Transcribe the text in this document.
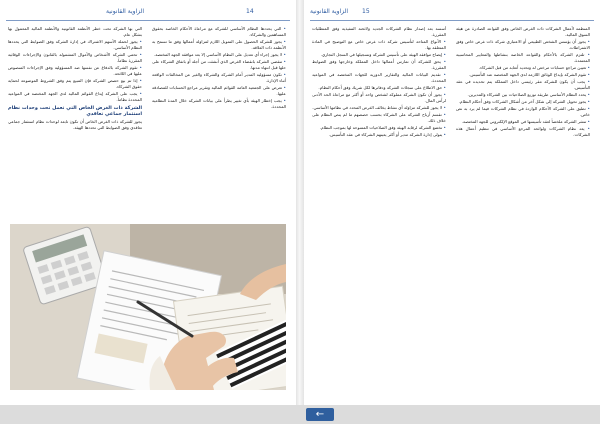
الزاوية القانونية	14

التي بها الشركة تحت خطر الأنظمة القانونية والأنظمة المالية المعمول بها بشكل عام.

• يجوز لحملة الأسهم الاشتراك في إدارة الشركة وفق الضوابط التي يحددها النظام الأساسي.

• تحمي الشركة الأشخاص والأموال المشمولة بالقانون والإجراءات الوقائية المقررة نظاماً.

• تقوم الشركة بالدفاع عن نفسها ضد المسؤولية وفق الإجراءات المنصوص عليها في اللائحة.

• إذا تم بيع حصص الشركة فإن المبيع يتم وفق الشروط الموضوعة لحماية حقوق الشركاء.

• يجب على الشركة إيداع القوائم المالية لدى الجهة المختصة في المواعيد المحددة نظاماً.

الشركة ذات الغرض الخاص التي تعمل تحت وحدات نظام استثمار جماعي تعاقدي

يجوز للشركة ذات الغرض الخاص أن تكون تابعة لوحدات نظام استثمار جماعي تعاقدي وفق الضوابط التي تحددها الهيئة.

• التي يحددها النظام الأساسي للشركة مع مراعاة الأحكام الخاصة بحقوق المساهمين والشركاء.

• يجوز للشركة الحصول على التمويل اللازم لمزاولة أعمالها وفق ما تسمح به الأنظمة ذات العلاقة.

• لا يجوز إجراء أي تعديل على النظام الأساسي إلا بعد موافقة الجهة المختصة.

• تنقضي الشركة بانقضاء الغرض الذي أنشئت من أجله أو باتفاق الشركاء على حلها قبل انتهاء مدتها.

• تكون مسؤولية المدير أمام الشركة والشركاء والغير عن المخالفات الواقعة أثناء الإدارة.

• تعرض على الجمعية العامة القوائم المالية وتقرير مراجع الحسابات للمصادقة عليها.

• يجب إخطار الهيئة بأي تغيير يطرأ على بيانات الشركة خلال المدة النظامية المحددة.

الزاوية القانونية 15

أسسة بعد إصدار نظام الشركات الجديد ولائحته التنفيذية وفق المتطلبات المقررة.

• الأنواع المتاحة لتأسيس شركة ذات غرض خاص مع التوضيح في المادة المتعلقة بها.

• إيضاح موافقة الهيئة على تأسيس الشركة وتسجيلها في السجل التجاري.

• يحق للشركة أن تمارس أعمالها داخل المملكة وخارجها وفق الضوابط المقررة.

• تقديم البيانات المالية والتقارير الدورية للجهات المختصة في المواعيد المحددة.

• حق الاطلاع على سجلات الشركة ودفاترها لكل شريك وفق أحكام النظام.

• يجوز أن تكون الشركة مملوكة لشخص واحد أو أكثر مع مراعاة الحد الأدنى لرأس المال.

• لا يجوز للشركة مزاولة أي نشاط يخالف الغرض المحدد في نظامها الأساسي.

• تقسم أرباح الشركة على الشركاء بحسب حصصهم ما لم ينص النظام على خلاف ذلك.

• تخضع الشركة لرقابة الهيئة وفق الصلاحيات الممنوحة لها بموجب النظام.

• يتولى إدارة الشركة مدير أو أكثر يعينهم الشركاء في عقد التأسيس.

المنظمة لأعمال الشركات ذات الغرض الخاص وفق القواعد الصادرة عن هيئة السوق المالية.

• يجوز أن يؤسس الشخص الطبيعي أو الاعتباري شركة ذات غرض خاص وفق الاشتراطات.

• تلتزم الشركة بالأحكام والقواعد الخاصة بنشاطها والمعايير المحاسبية المعتمدة.

• تعيين مراجع حسابات مرخص له وتحديد أتعابه من قبل الشركاء.

• تقوم الشركة بإيداع الوثائق اللازمة لدى الجهة المختصة عند التأسيس.

• يجب أن يكون للشركة مقر رئيسي داخل المملكة يتم تحديده في عقد التأسيس.

• يحدد النظام الأساسي طريقة توزيع الصلاحيات بين الشركاء والمديرين.

• يجوز تحويل الشركة إلى شكل آخر من أشكال الشركات وفق أحكام النظام.

• تطبق على الشركة الأحكام الواردة في نظام الشركات فيما لم يرد به نص خاص.

• تنشر الشركة ملخصاً لعقد تأسيسها في الموقع الإلكتروني للجهة المختصة.

• يعد نظام الشركات ولوائحه المرجع الأساسي في تنظيم أعمال هذه الشركات.

←
